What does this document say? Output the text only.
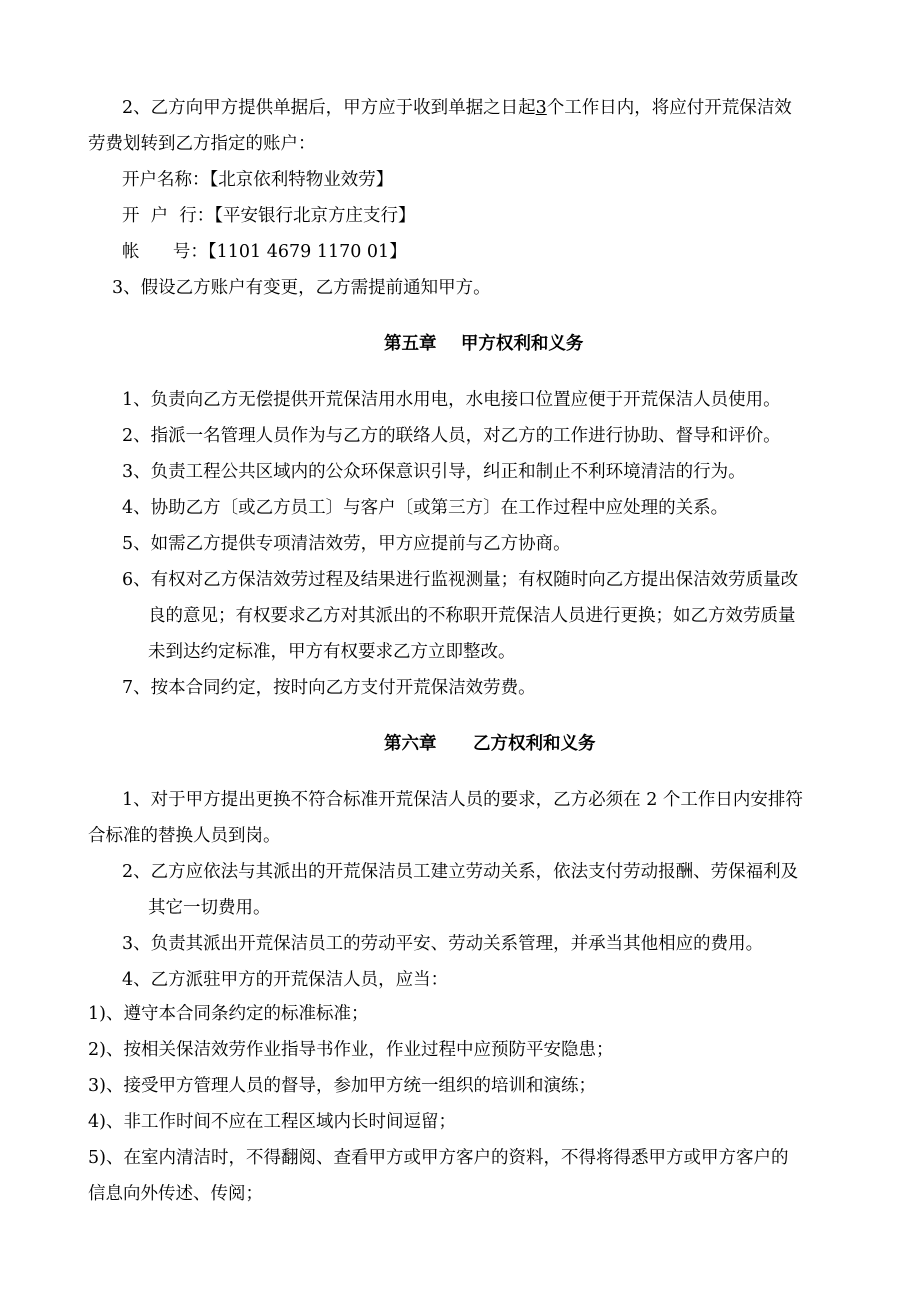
2、乙方向甲方提供单据后，甲方应于收到单据之日起3个工作日内，将应付开荒保洁效
劳费划转到乙方指定的账户：
开户名称：【北京依利特物业效劳】
开  户  行：【平安银行北京方庄支行】
帐      号：【1101 4679 1170 01】
3、假设乙方账户有变更，乙方需提前通知甲方。
第五章    甲方权利和义务
1、负责向乙方无偿提供开荒保洁用水用电，水电接口位置应便于开荒保洁人员使用。
2、指派一名管理人员作为与乙方的联络人员，对乙方的工作进行协助、督导和评价。
3、负责工程公共区域内的公众环保意识引导，纠正和制止不利环境清洁的行为。
4、协助乙方〔或乙方员工〕与客户〔或第三方〕在工作过程中应处理的关系。
5、如需乙方提供专项清洁效劳，甲方应提前与乙方协商。
6、有权对乙方保洁效劳过程及结果进行监视测量；有权随时向乙方提出保洁效劳质量改
良的意见；有权要求乙方对其派出的不称职开荒保洁人员进行更换；如乙方效劳质量
未到达约定标准，甲方有权要求乙方立即整改。
7、按本合同约定，按时向乙方支付开荒保洁效劳费。
第六章      乙方权利和义务
1、对于甲方提出更换不符合标准开荒保洁人员的要求，乙方必须在 2 个工作日内安排符
合标准的替换人员到岗。
2、乙方应依法与其派出的开荒保洁员工建立劳动关系，依法支付劳动报酬、劳保福利及
其它一切费用。
3、负责其派出开荒保洁员工的劳动平安、劳动关系管理，并承当其他相应的费用。
4、乙方派驻甲方的开荒保洁人员，应当：
1)、遵守本合同条约定的标准标准；
2)、按相关保洁效劳作业指导书作业，作业过程中应预防平安隐患；
3)、接受甲方管理人员的督导，参加甲方统一组织的培训和演练；
4)、非工作时间不应在工程区域内长时间逗留；
5)、在室内清洁时，不得翻阅、查看甲方或甲方客户的资料，不得将得悉甲方或甲方客户的
信息向外传述、传阅；
